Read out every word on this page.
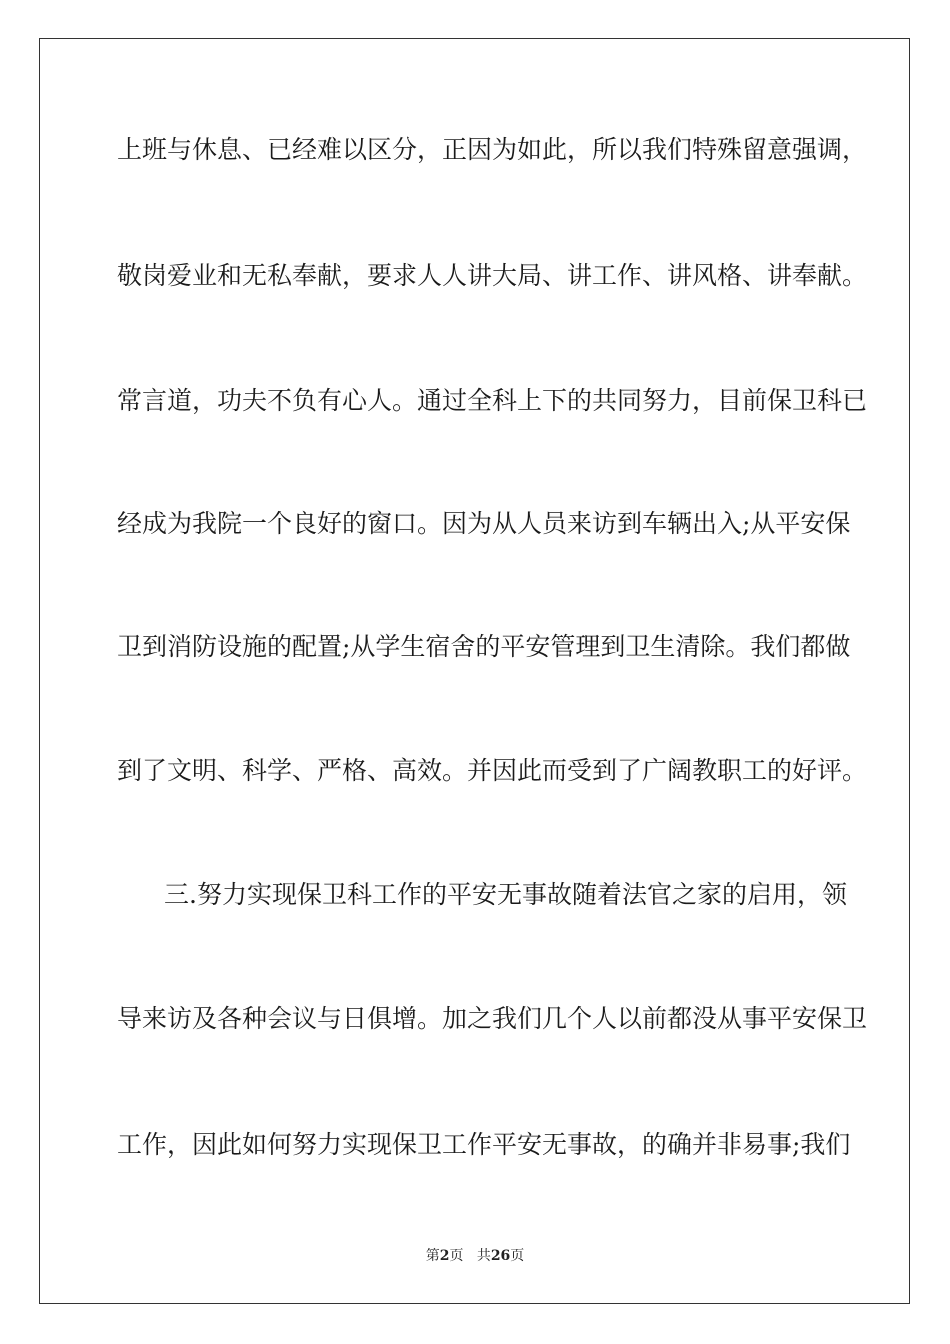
上班与休息、已经难以区分，正因为如此，所以我们特殊留意强调，
敬岗爱业和无私奉献，要求人人讲大局、讲工作、讲风格、讲奉献。
常言道，功夫不负有心人。通过全科上下的共同努力，目前保卫科已
经成为我院一个良好的窗口。因为从人员来访到车辆出入;从平安保
卫到消防设施的配置;从学生宿舍的平安管理到卫生清除。我们都做
到了文明、科学、严格、高效。并因此而受到了广阔教职工的好评。
三.努力实现保卫科工作的平安无事故随着法官之家的启用，领
导来访及各种会议与日俱增。加之我们几个人以前都没从事平安保卫
工作，因此如何努力实现保卫工作平安无事故，的确并非易事;我们
第2页 共26页
